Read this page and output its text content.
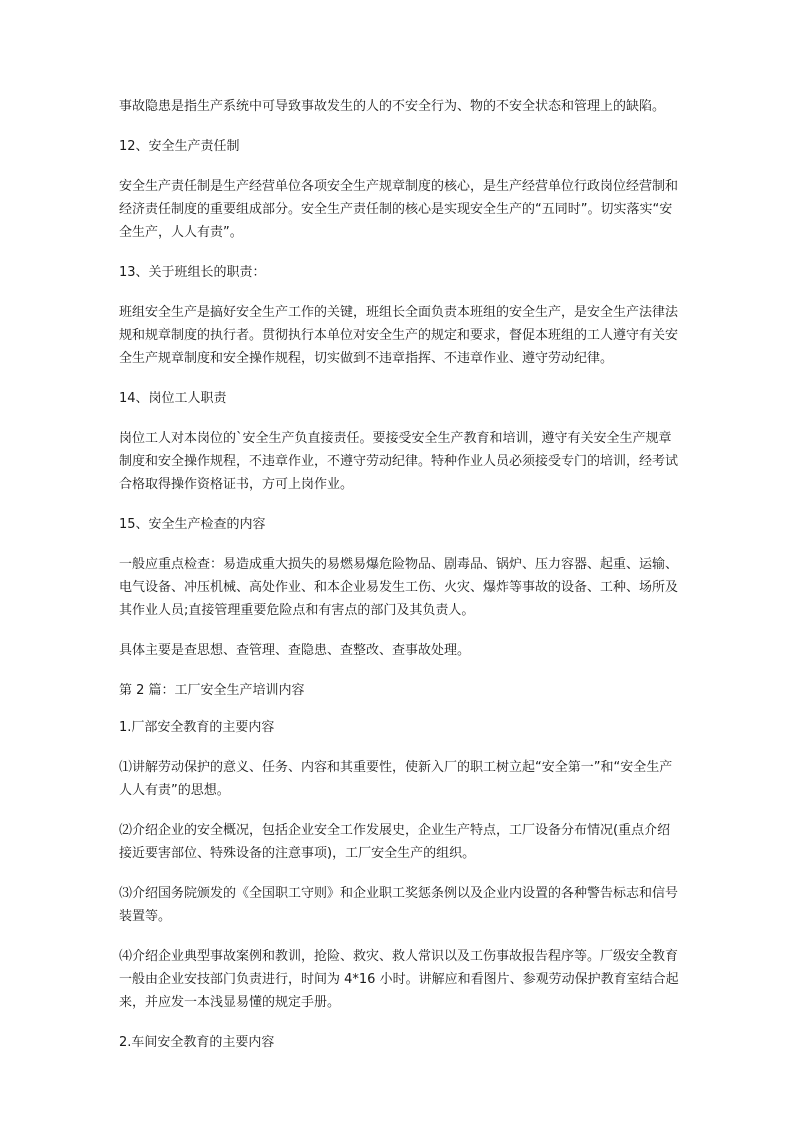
事故隐患是指生产系统中可导致事故发生的人的不安全行为、物的不安全状态和管理上的缺陷。

12、安全生产责任制

安全生产责任制是生产经营单位各项安全生产规章制度的核心，是生产经营单位行政岗位经营制和经济责任制度的重要组成部分。安全生产责任制的核心是实现安全生产的“五同时”。切实落实“安全生产，人人有责”。

13、关于班组长的职责：

班组安全生产是搞好安全生产工作的关键，班组长全面负责本班组的安全生产，是安全生产法律法规和规章制度的执行者。贯彻执行本单位对安全生产的规定和要求，督促本班组的工人遵守有关安全生产规章制度和安全操作规程，切实做到不违章指挥、不违章作业、遵守劳动纪律。

14、岗位工人职责

岗位工人对本岗位的`安全生产负直接责任。要接受安全生产教育和培训，遵守有关安全生产规章制度和安全操作规程，不违章作业，不遵守劳动纪律。特种作业人员必须接受专门的培训，经考试合格取得操作资格证书，方可上岗作业。

15、安全生产检查的内容

一般应重点检查：易造成重大损失的易燃易爆危险物品、剧毒品、锅炉、压力容器、起重、运输、电气设备、冲压机械、高处作业、和本企业易发生工伤、火灾、爆炸等事故的设备、工种、场所及其作业人员;直接管理重要危险点和有害点的部门及其负责人。

具体主要是查思想、查管理、查隐患、查整改、查事故处理。

第 2 篇：工厂安全生产培训内容

1.厂部安全教育的主要内容

⑴讲解劳动保护的意义、任务、内容和其重要性，使新入厂的职工树立起“安全第一”和“安全生产人人有责”的思想。

⑵介绍企业的安全概况，包括企业安全工作发展史，企业生产特点，工厂设备分布情况(重点介绍接近要害部位、特殊设备的注意事项)，工厂安全生产的组织。

⑶介绍国务院颁发的《全国职工守则》和企业职工奖惩条例以及企业内设置的各种警告标志和信号装置等。

⑷介绍企业典型事故案例和教训，抢险、救灾、救人常识以及工伤事故报告程序等。厂级安全教育一般由企业安技部门负责进行，时间为 4*16 小时。讲解应和看图片、参观劳动保护教育室结合起来，并应发一本浅显易懂的规定手册。

2.车间安全教育的主要内容
